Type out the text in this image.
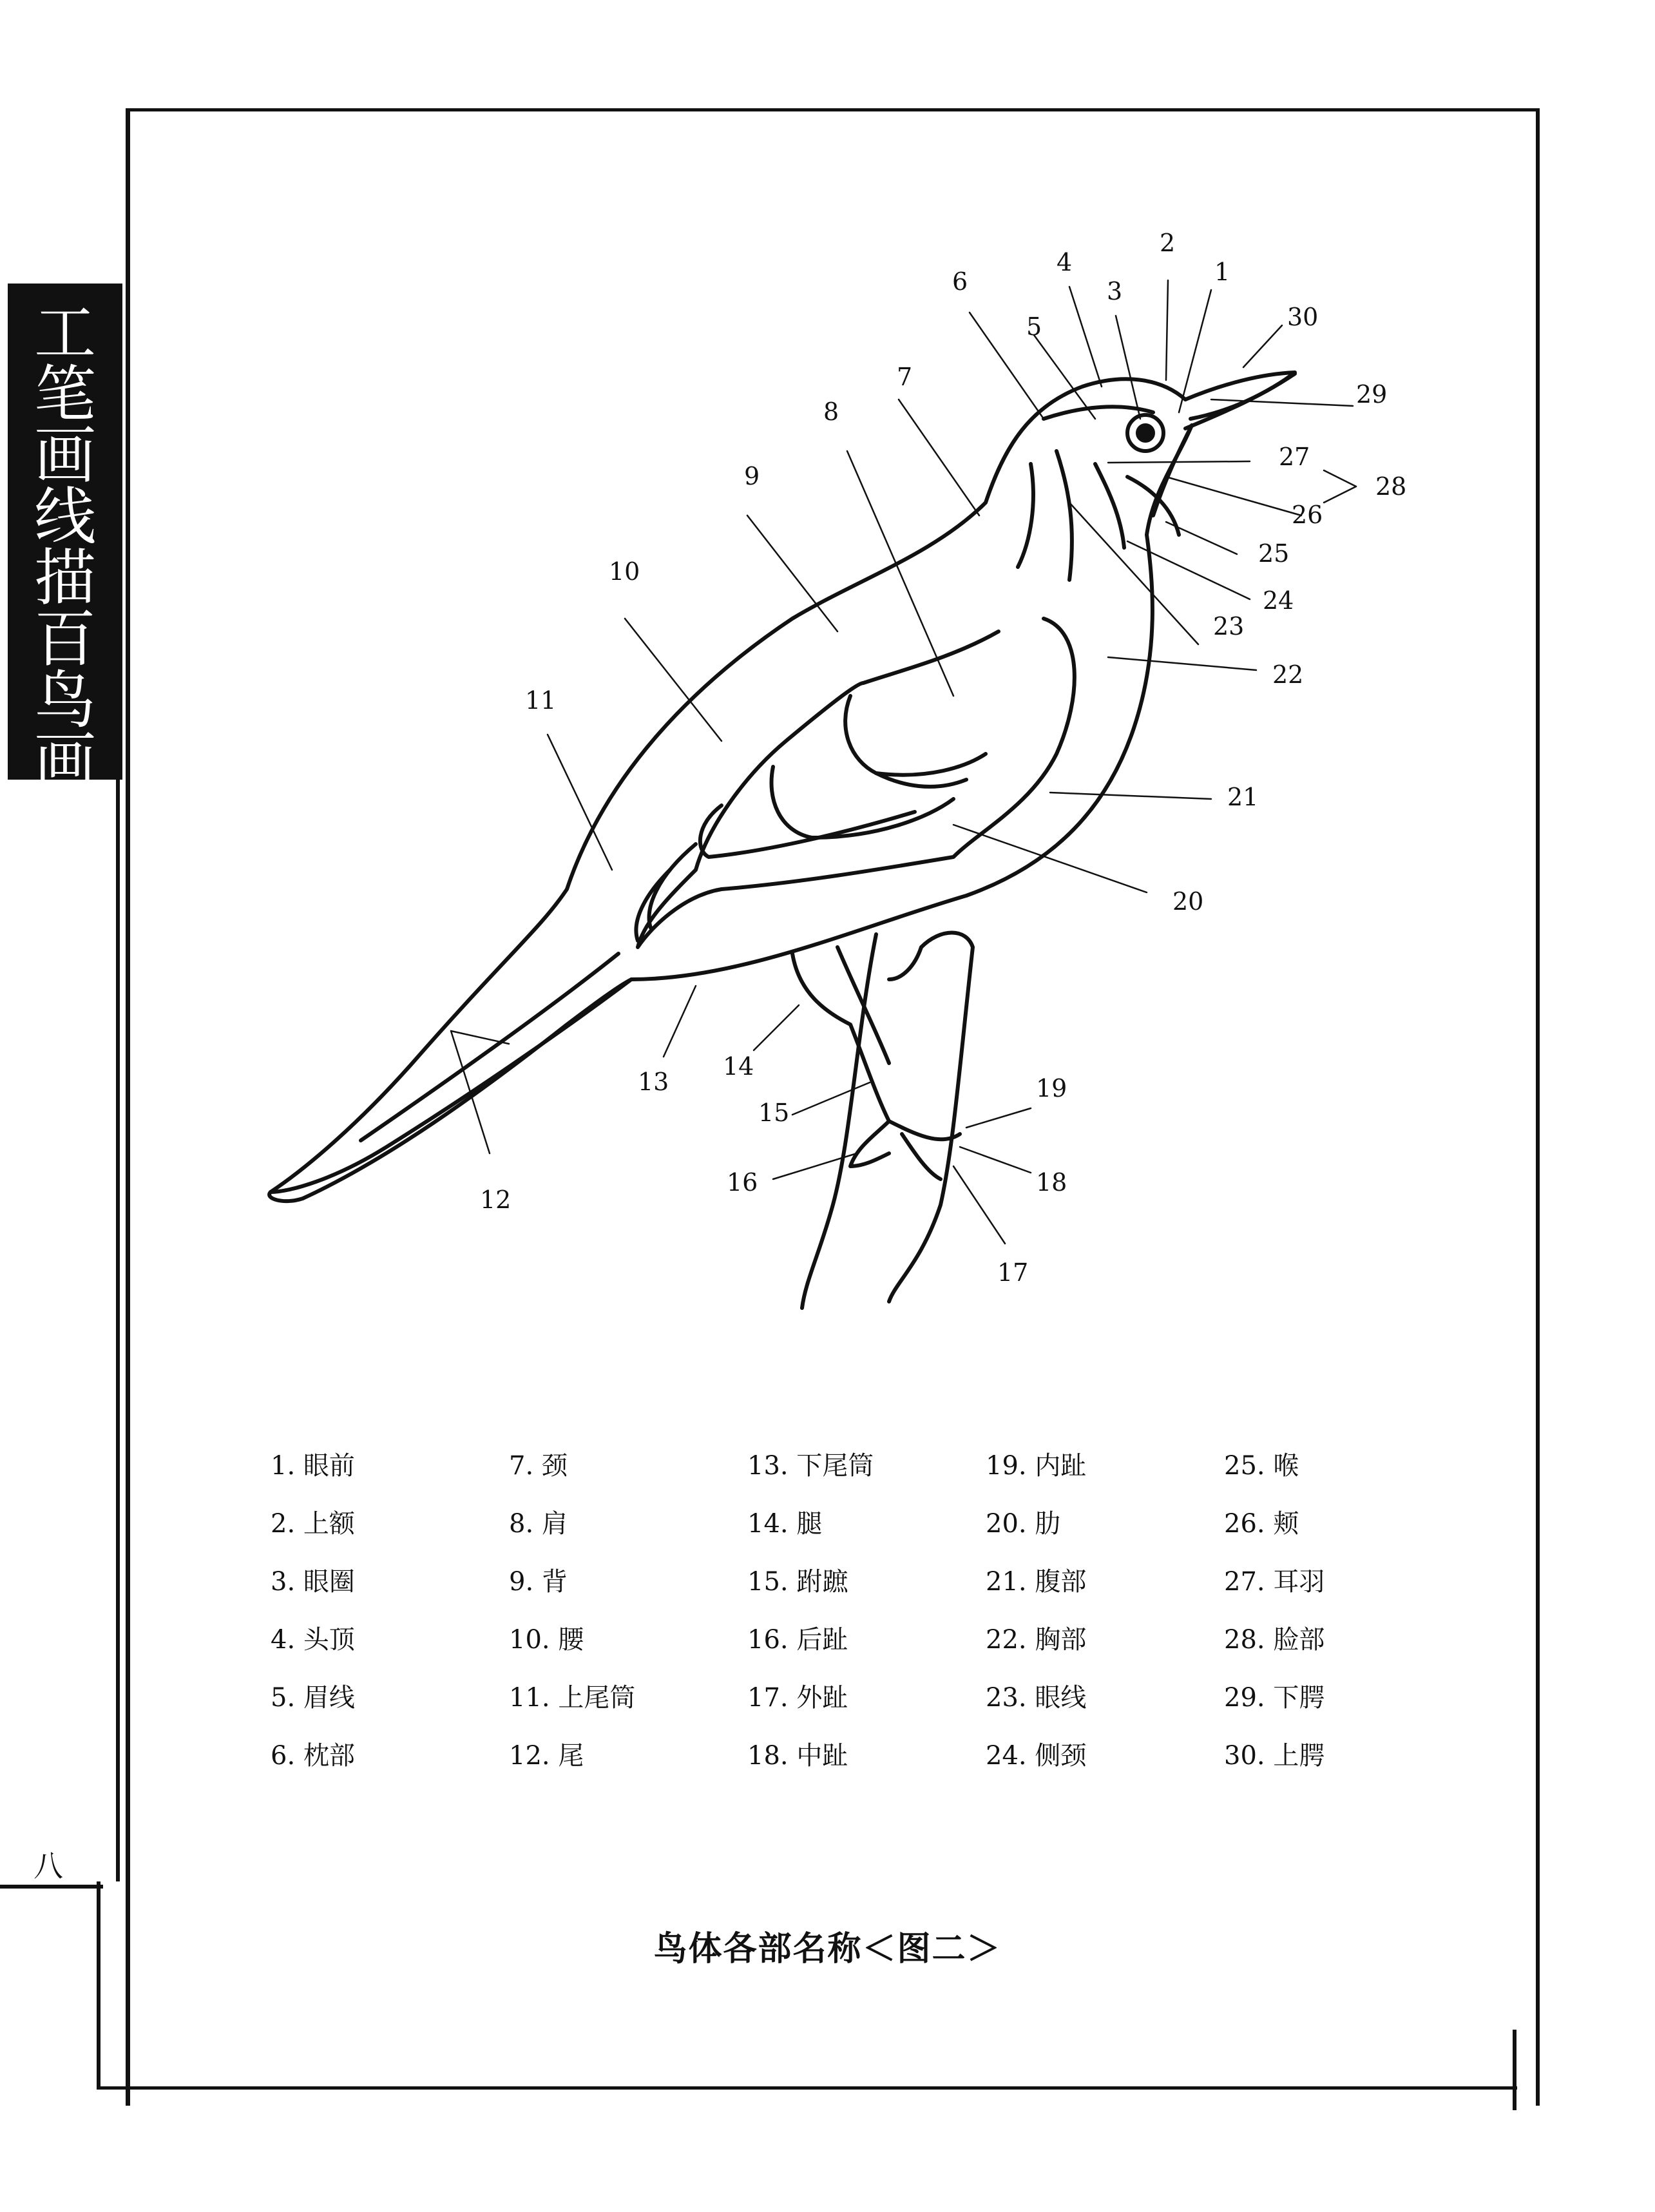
工笔画线描百鸟画谱
八
1
2
3
4
5
6
7
8
9
10
11
12
13
14
15
16
17
18
19
20
21
22
23
24
25
26
27
28
29
30
1. 眼前
2. 上额
3. 眼圈
4. 头顶
5. 眉线
6. 枕部
7. 颈
8. 肩
9. 背
10. 腰
11. 上尾筒
12. 尾
13. 下尾筒
14. 腿
15. 跗蹠
16. 后趾
17. 外趾
18. 中趾
19. 内趾
20. 肋
21. 腹部
22. 胸部
23. 眼线
24. 侧颈
25. 喉
26. 颊
27. 耳羽
28. 脸部
29. 下腭
30. 上腭
鸟体各部名称＜图二＞
